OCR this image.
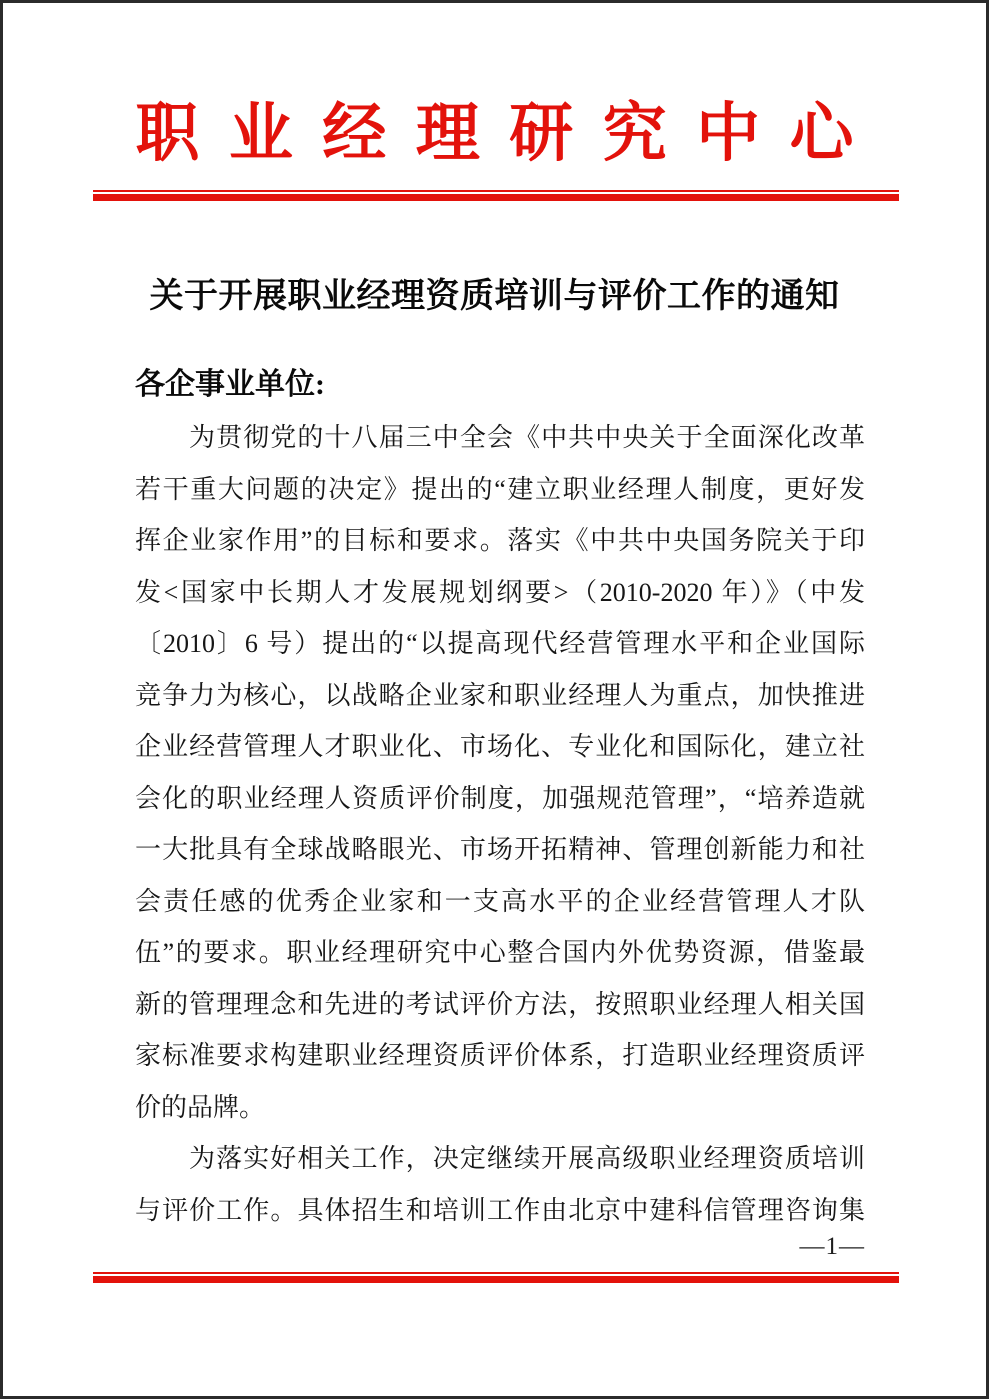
职业经理研究中心
关于开展职业经理资质培训与评价工作的通知
各企事业单位:
为贯彻党的十八届三中全会《中共中央关于全面深化改革
若干重大问题的决定》提出的“建立职业经理人制度，更好发
挥企业家作用”的目标和要求。落实《中共中央国务院关于印
发<国家中长期人才发展规划纲要>（2010-2020 年）》（中发
〔2010〕6 号）提出的“以提高现代经营管理水平和企业国际
竞争力为核心，以战略企业家和职业经理人为重点，加快推进
企业经营管理人才职业化、市场化、专业化和国际化，建立社
会化的职业经理人资质评价制度，加强规范管理”，“培养造就
一大批具有全球战略眼光、市场开拓精神、管理创新能力和社
会责任感的优秀企业家和一支高水平的企业经营管理人才队
伍”的要求。职业经理研究中心整合国内外优势资源，借鉴最
新的管理理念和先进的考试评价方法，按照职业经理人相关国
家标准要求构建职业经理资质评价体系，打造职业经理资质评
价的品牌。
为落实好相关工作，决定继续开展高级职业经理资质培训
与评价工作。具体招生和培训工作由北京中建科信管理咨询集
—1—
